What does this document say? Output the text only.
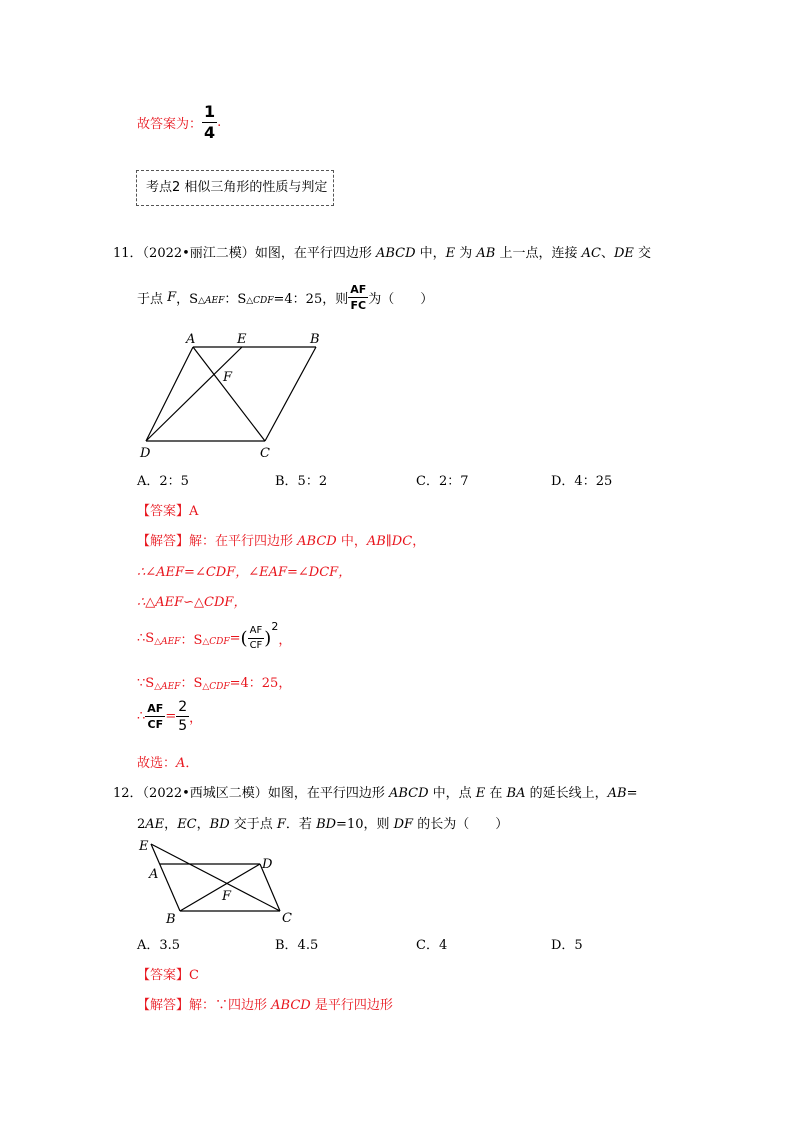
故答案为： $\frac{1}{4}$ .
考点2 相似三角形的性质与判定
11．（2022•丽江二模）如图，在平行四边形 ABCD 中，E 为 AB 上一点，连接 AC、DE 交
于点 F，$S_{\triangle AEF}$：$S_{\triangle CDF}=4$：25，则 $\frac{AF}{FC}$ 为（　　）
A	E	B
F
D	C
A．2：5	B．5：2	C．2：7	D．4：25
【答案】A
【解答】解：在平行四边形 ABCD 中，AB∥DC，
∴∠AEF=∠CDF，∠EAF=∠DCF，
∴△AEF∽△CDF，
$\therefore S_{\triangle AEF}$：$S_{\triangle CDF}=( \frac{AF}{CF} )^2$，
$\because S_{\triangle AEF}$：$S_{\triangle CDF}=4$：25，
∴ $\frac{AF}{CF} = \frac{2}{5}$ ，
故选：A．
12．（2022•西城区二模）如图，在平行四边形 ABCD 中，点 E 在 BA 的延长线上，AB=
2AE，EC，BD 交于点 F．若 BD=10，则 DF 的长为（　　）
E
A
D
F
B	C
A．3.5	B．4.5	C．4	D．5
【答案】C
【解答】解：∵四边形 ABCD 是平行四边形
